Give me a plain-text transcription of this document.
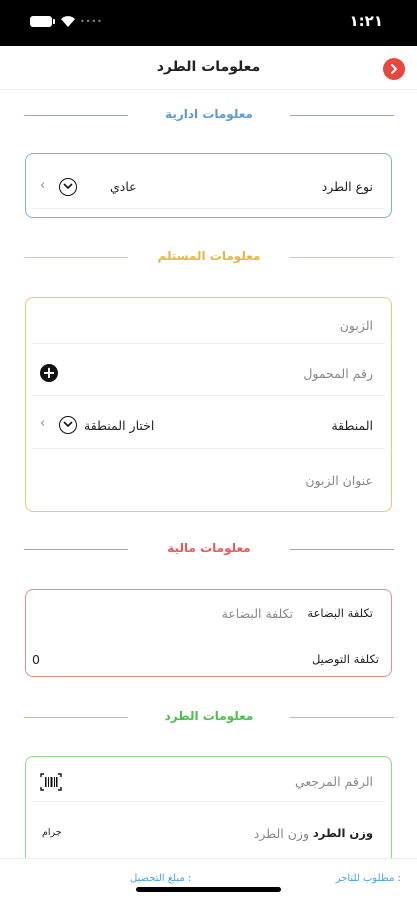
••••	١:٢١
معلومات الطرد
معلومات ادارية
نوع الطرد
عادي
‹
معلومات المستلم
الزبون
رقم المحمول
+
المنطقة
اختار المنطقة
‹
عنوان الزبون
معلومات مالية
تكلفة البضاعة
تكلفة البضاعة
تكلفة التوصيل
0
معلومات الطرد
الرقم المرجعي
وزن الطرد
وزن الطرد
جرام
مطلوب للتاجر :
مبلغ التحصيل :
